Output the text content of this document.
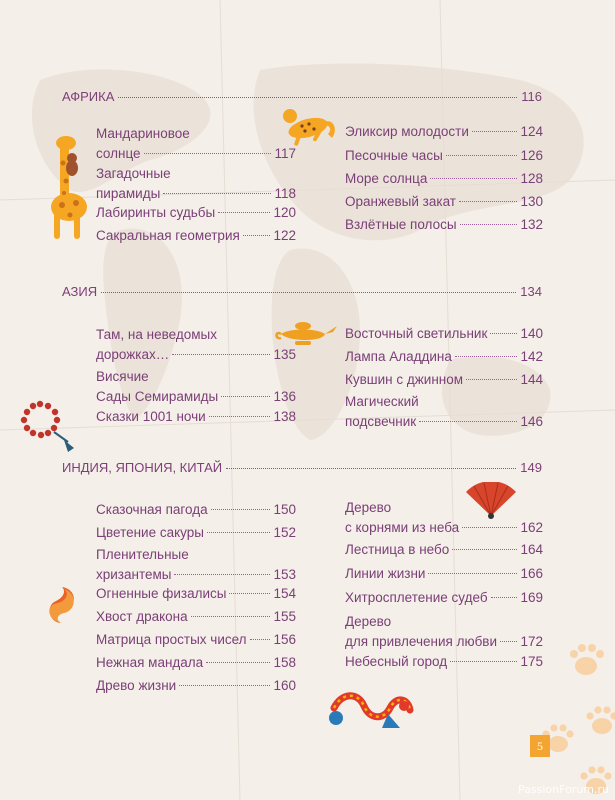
АФРИКА	116
Мандариновое
солнце	117
Загадочные
пирамиды	118
Лабиринты судьбы	120
Сакральная геометрия 122
Эликсир молодости	124
Песочные часы	126
Море солнца	128
Оранжевый закат	130
Взлётные полосы	132
АЗИЯ	134
Там, на неведомых
дорожках…	135
Висячие
Сады Семирамиды	136
Сказки 1001 ночи	138
Восточный светильник 140
Лампа Аладдина	142
Кувшин с джинном	144
Магический
подсвечник	146
ИНДИЯ, ЯПОНИЯ, КИТАЙ	149
Сказочная пагода	150
Цветение сакуры	152
Пленительные
хризантемы	153
Огненные физалисы	154
Хвост дракона	155
Матрица простых чисел 156
Нежная мандала	158
Древо жизни	160
Дерево
с корнями из неба	162
Лестница в небо	164
Линии жизни	166
Хитросплетение судеб 169
Дерево
для привлечения любви 172
Небесный город	175
5
PassionForum.ru
